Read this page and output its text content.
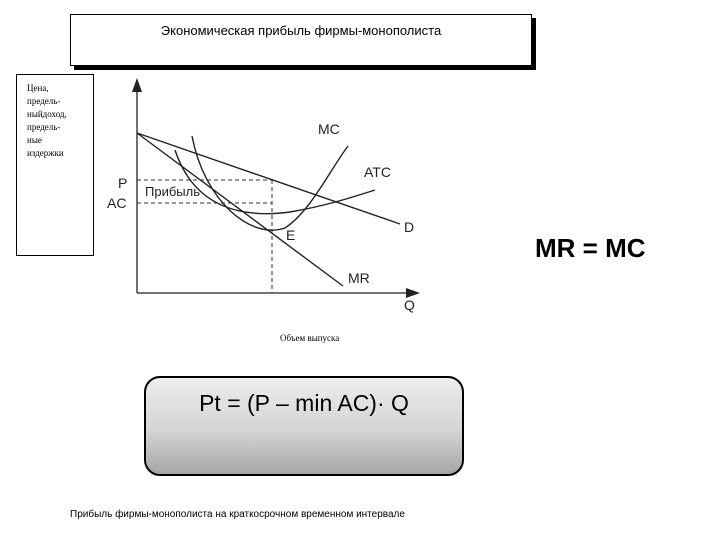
Экономическая прибыль фирмы-монополиста
Цена,
предель-
ныйдоход,
предель-
ные
издержки
MC
ATC
D
MR
E
P
AC
Прибыль
Q
MR = MC
Объем выпуска
Pt = (P – min AC)· Q
Прибыль фирмы-монополиста на краткосрочном временном интервале
